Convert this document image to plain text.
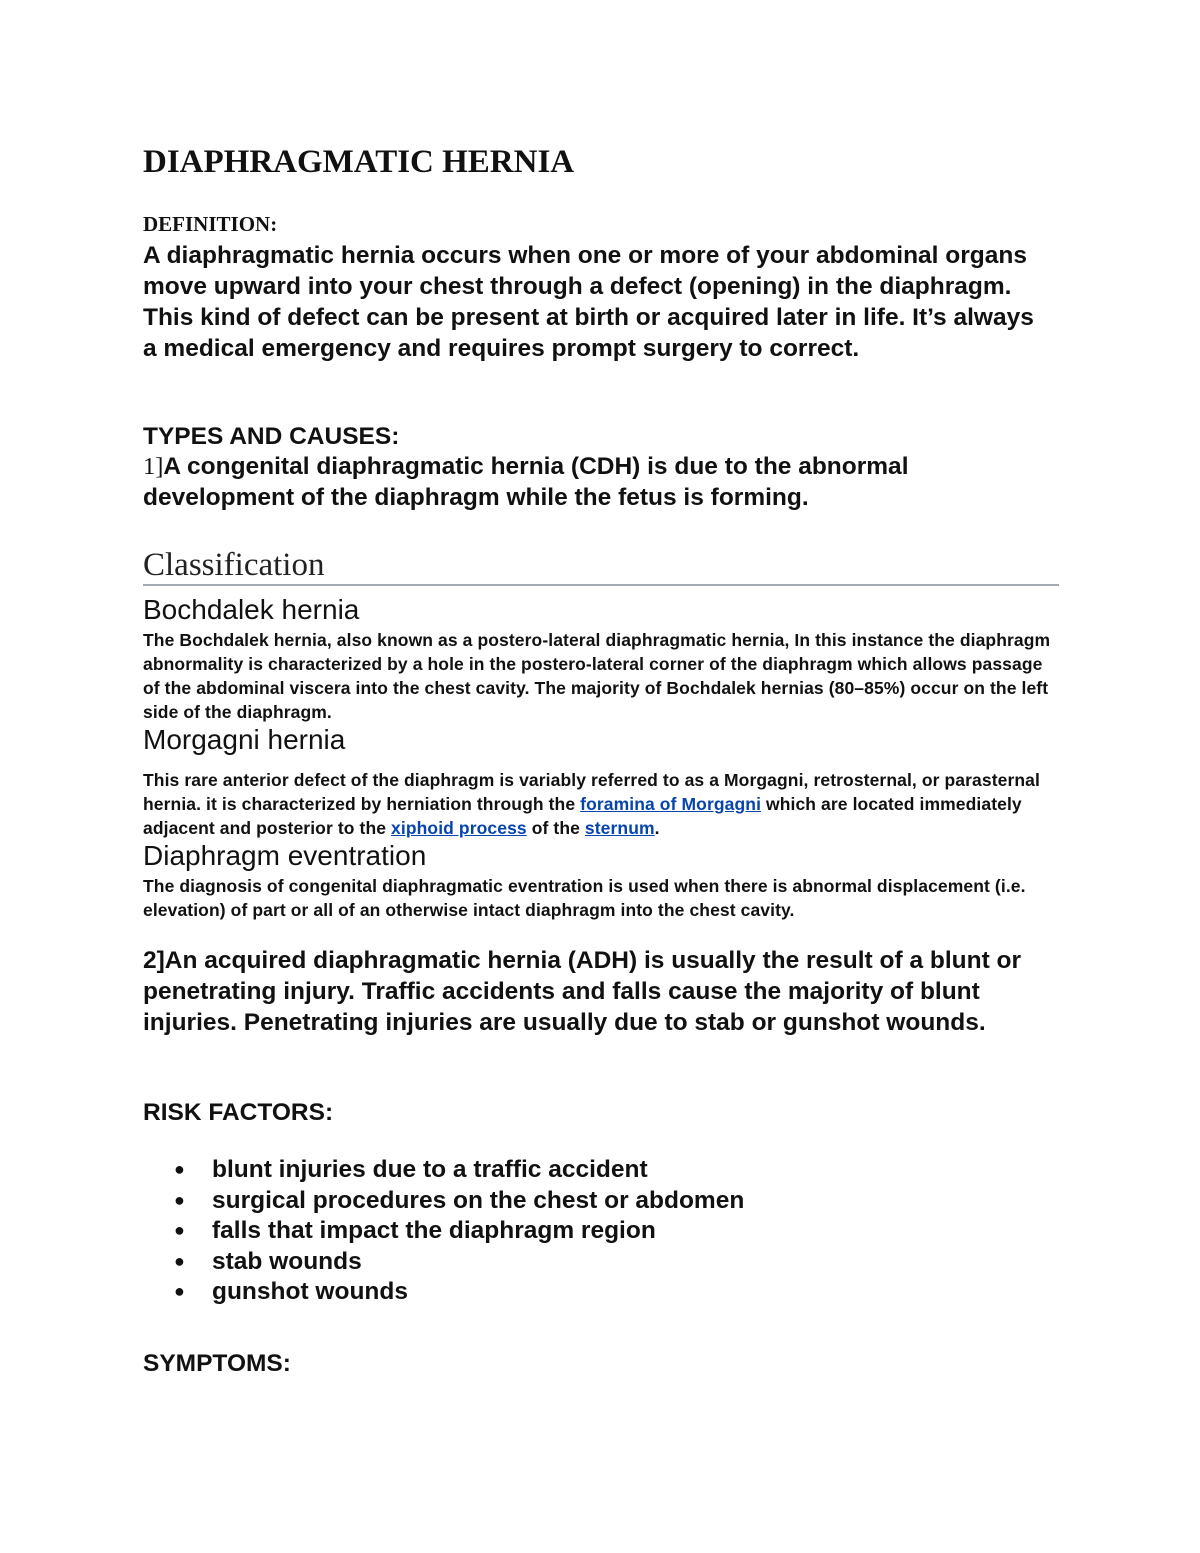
DIAPHRAGMATIC HERNIA

DEFINITION:

A diaphragmatic hernia occurs when one or more of your abdominal organs move upward into your chest through a defect (opening) in the diaphragm. This kind of defect can be present at birth or acquired later in life. It’s always a medical emergency and requires prompt surgery to correct.

TYPES AND CAUSES:

1]A congenital diaphragmatic hernia (CDH) is due to the abnormal development of the diaphragm while the fetus is forming.

Classification
Bochdalek hernia

The Bochdalek hernia, also known as a postero-lateral diaphragmatic hernia, In this instance the diaphragm abnormality is characterized by a hole in the postero-lateral corner of the diaphragm which allows passage of the abdominal viscera into the chest cavity. The majority of Bochdalek hernias (80–85%) occur on the left side of the diaphragm.

Morgagni hernia

This rare anterior defect of the diaphragm is variably referred to as a Morgagni, retrosternal, or parasternal hernia. it is characterized by herniation through the foramina of Morgagni which are located immediately adjacent and posterior to the xiphoid process of the sternum.

Diaphragm eventration

The diagnosis of congenital diaphragmatic eventration is used when there is abnormal displacement (i.e. elevation) of part or all of an otherwise intact diaphragm into the chest cavity.

2]An acquired diaphragmatic hernia (ADH) is usually the result of a blunt or penetrating injury. Traffic accidents and falls cause the majority of blunt injuries. Penetrating injuries are usually due to stab or gunshot wounds.

RISK FACTORS:

● blunt injuries due to a traffic accident
● surgical procedures on the chest or abdomen
● falls that impact the diaphragm region
● stab wounds
● gunshot wounds

SYMPTOMS:
